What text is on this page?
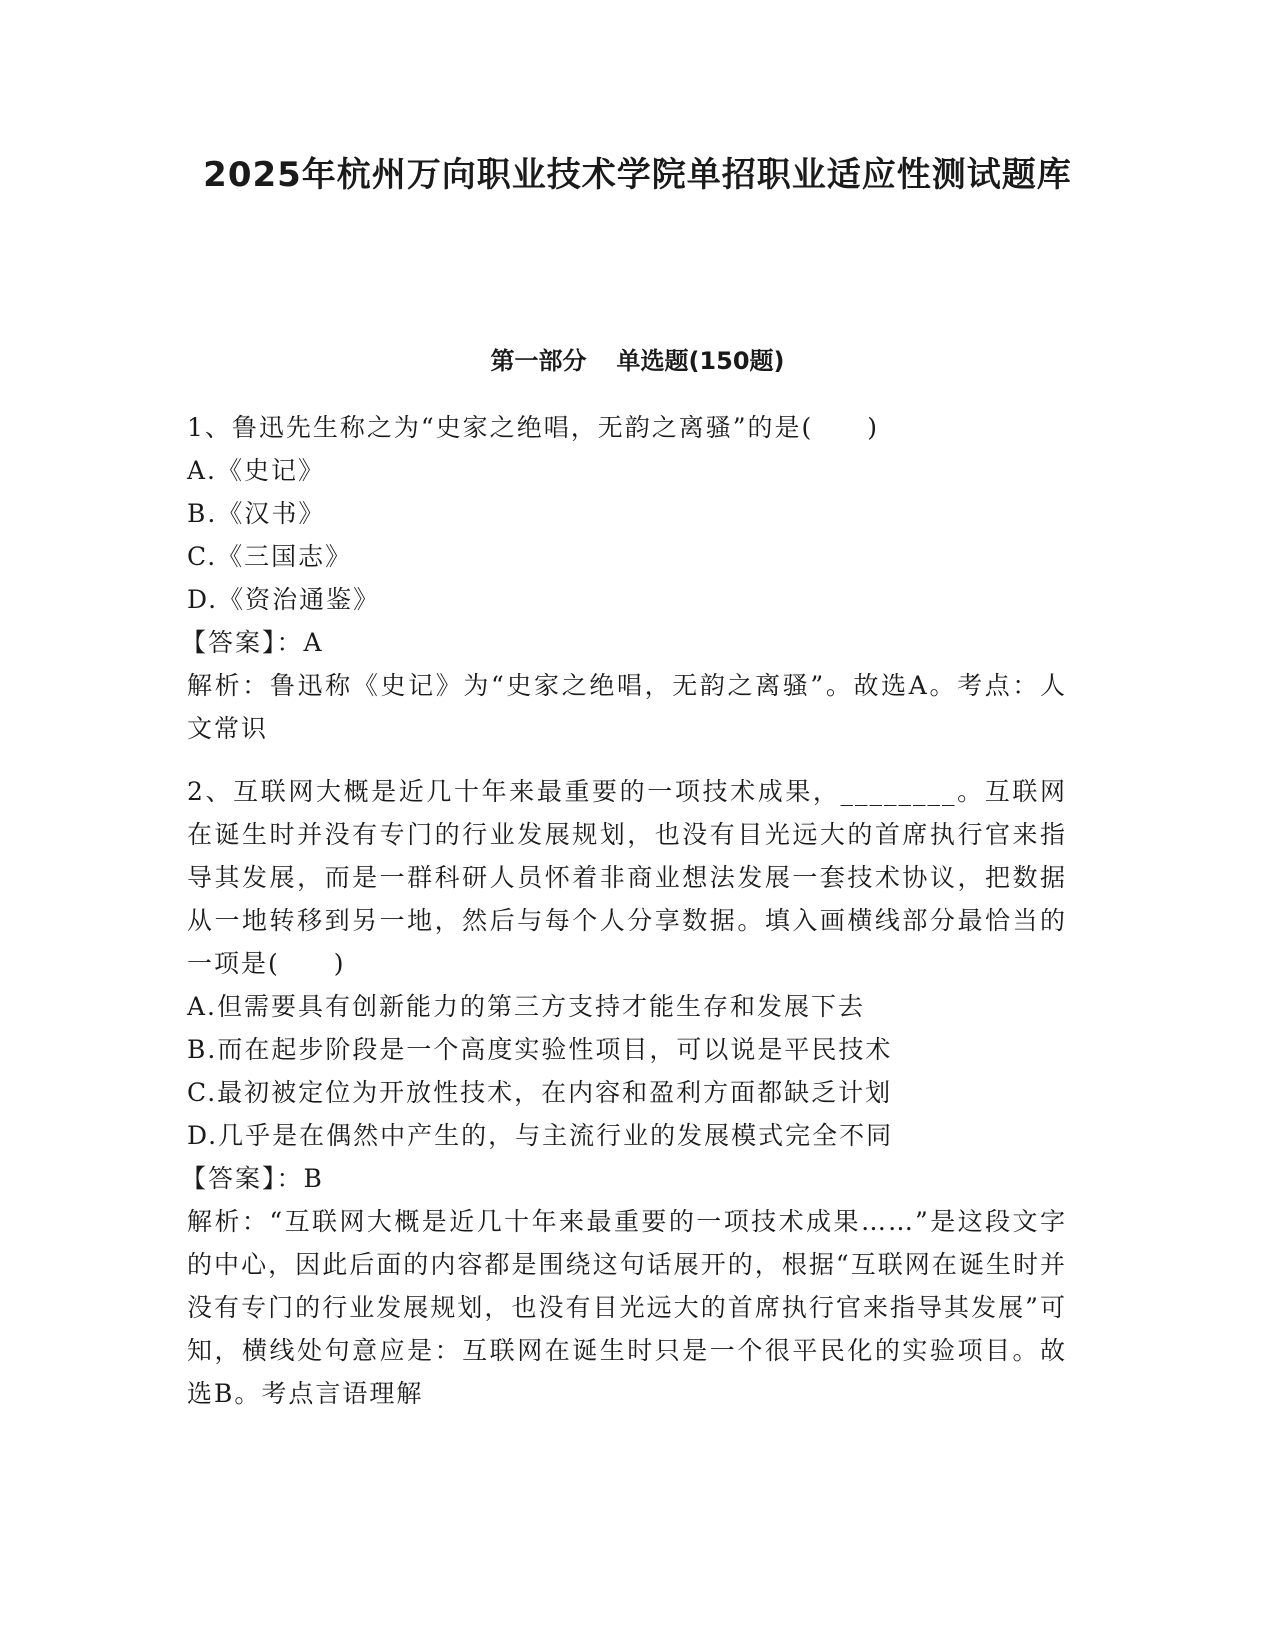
2025年杭州万向职业技术学院单招职业适应性测试题库
第一部分 单选题(150题)

1、鲁迅先生称之为“史家之绝唱，无韵之离骚”的是(　　)

A.《史记》

B.《汉书》

C.《三国志》

D.《资治通鉴》

【答案】：A

解析：鲁迅称《史记》为“史家之绝唱，无韵之离骚”。故选A。考点：人文常识

2、互联网大概是近几十年来最重要的一项技术成果，________。互联网在诞生时并没有专门的行业发展规划，也没有目光远大的首席执行官来指导其发展，而是一群科研人员怀着非商业想法发展一套技术协议，把数据从一地转移到另一地，然后与每个人分享数据。填入画横线部分最恰当的一项是(　　)

A.但需要具有创新能力的第三方支持才能生存和发展下去

B.而在起步阶段是一个高度实验性项目，可以说是平民技术

C.最初被定位为开放性技术，在内容和盈利方面都缺乏计划

D.几乎是在偶然中产生的，与主流行业的发展模式完全不同

【答案】：B

解析：“互联网大概是近几十年来最重要的一项技术成果……”是这段文字的中心，因此后面的内容都是围绕这句话展开的，根据“互联网在诞生时并没有专门的行业发展规划，也没有目光远大的首席执行官来指导其发展”可知，横线处句意应是：互联网在诞生时只是一个很平民化的实验项目。故选B。考点言语理解
